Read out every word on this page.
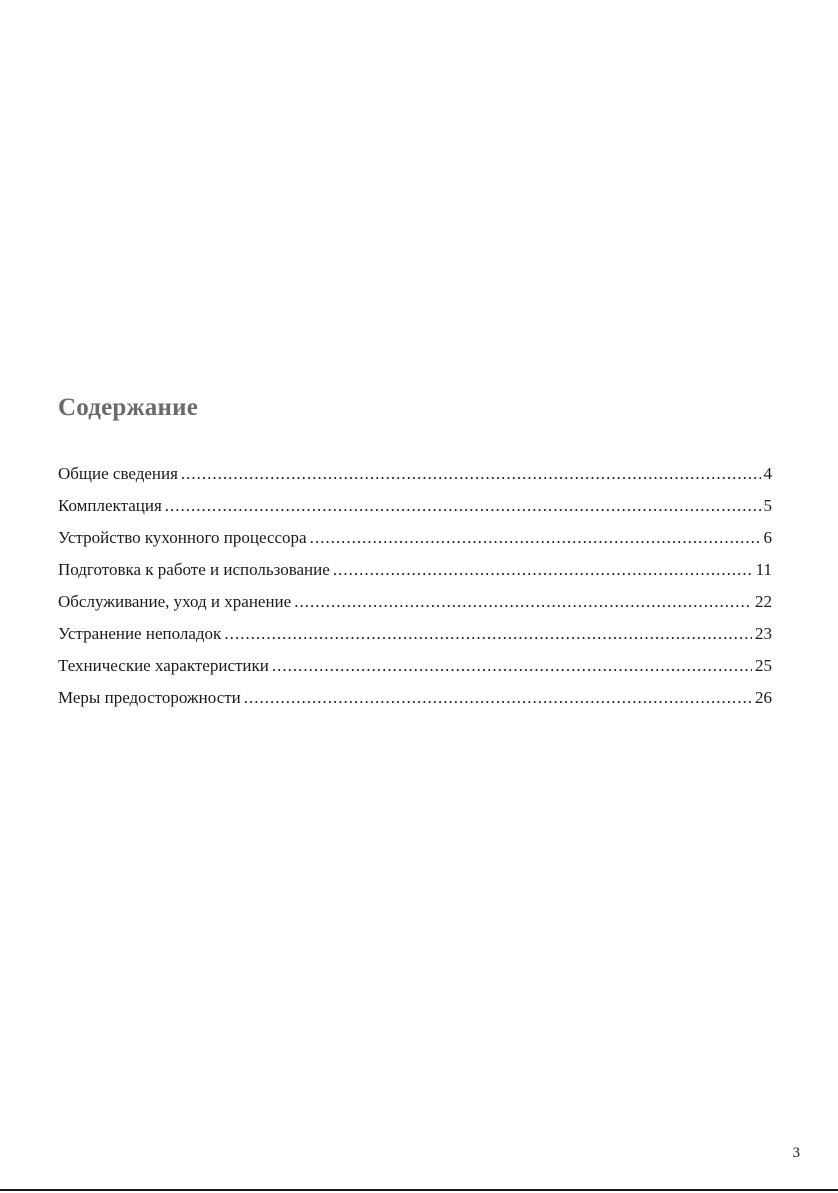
Содержание
Общие сведения .....	4
Комплектация .....	5
Устройство кухонного процессора .....	6
Подготовка к работе и использование .....	11
Обслуживание, уход и хранение .....	22
Устранение неполадок .....	23
Технические характеристики .....	25
Меры предосторожности .....	26
3
